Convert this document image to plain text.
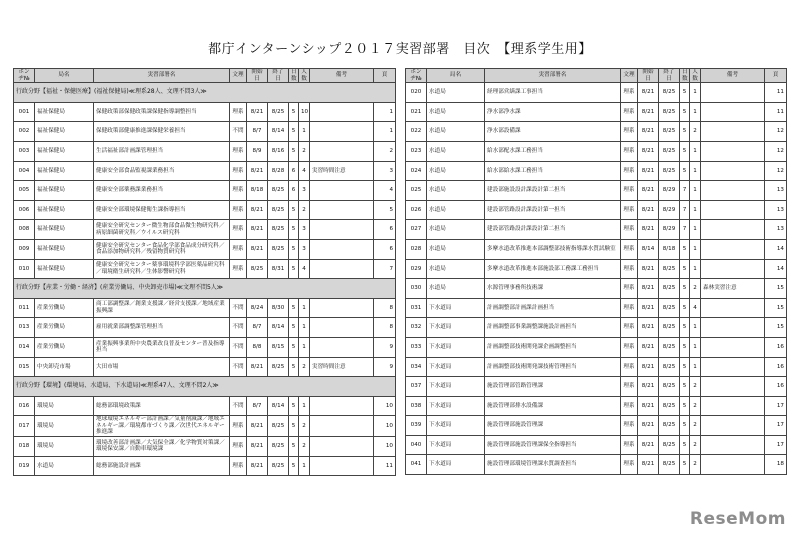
都庁インターンシップ２０１７実習部署　目次　【理系学生用】
ボンヂ№	局名	実習部署名	文理	開始日	終了日	日数	人数	備考	頁
行政分野【福祉・保健医療】(福祉保健局)≪理系28人、文理不問3人≫									
001	福祉保健局	保健政策部保健政策課保健指導調整担当	理系	8/21	8/25	5	10		1
002	福祉保健局	保健政策部健康推進課保健栄養担当	不問	8/7	8/14	5	1		1
003	福祉保健局	生活福祉部計画課管理担当	理系	8/9	8/16	5	2		2
004	福祉保健局	健康安全部食品監視課業務担当	理系	8/21	8/28	6	4	実習時間注意	3
005	福祉保健局	健康安全部薬務課業務担当	理系	8/18	8/25	6	3		4
006	福祉保健局	健康安全部環境保健衛生課指導担当	理系	8/21	8/25	5	2		5
008	福祉保健局	健康安全研究センター微生物部食品微生物研究科／病原細菌研究科／ウイルス研究科	理系	8/21	8/25	5	3		6
009	福祉保健局	健康安全研究センター食品化学部食品成分研究科／食品添加物研究科／残留物質研究科	理系	8/21	8/25	5	3		6
010	福祉保健局	健康安全研究センター薬事環境科学部医薬品研究科／環境衛生研究科／生体影響研究科	理系	8/25	8/31	5	4		7
行政分野【産業・労働・経済】(産業労働局、中央卸売市場)≪文理不問5人≫									
011	産業労働局	商工部調整課／創業支援課／経営支援課／地域産業振興課	不問	8/24	8/30	5	1		8
013	産業労働局	雇用就業部調整課管理担当	不問	8/7	8/14	5	1		8
014	産業労働局	産業振興事業所中央農業改良普及センター普及指導担当	不問	8/8	8/15	5	1		9
015	中央卸売市場	大田市場	不問	8/21	8/25	5	2	実習時間注意	9
行政分野【環境】(環境局、水道局、下水道局)≪理系47人、文理不問2人≫									
016	環境局	総務部環境政策課	不問	8/7	8/14	5	1		10
017	環境局	地球環境エネルギー部計画課／気量削減課／地域エネルギー課／環境都市づくり課／次世代エネルギー推進課	理系	8/21	8/25	5	2		10
018	環境局	環境改善部計画課／大気保全課／化学物質対策課／環境保安課／自動車環境課	理系	8/21	8/25	5	2		10
019	水道局	総務部施設計画課	理系	8/21	8/25	5	1		11
ボンヂ№	局名	実習部署名	文理	開始日	終了日	日数	人数	備考	頁
020	水道局	経理部営繕課工事担当	理系	8/21	8/25	5	1		11
021	水道局	浄水部浄水課	理系	8/21	8/25	5	1		11
022	水道局	浄水部設備課	理系	8/21	8/25	5	2		12
023	水道局	給水部配水課工務担当	理系	8/21	8/25	5	1		12
024	水道局	給水部給水課工務担当	理系	8/21	8/25	5	1		12
025	水道局	建設部施設設計課設計第二担当	理系	8/21	8/29	7	1		13
026	水道局	建設部管路設計課設計第一担当	理系	8/21	8/29	7	1		13
027	水道局	建設部管路設計課設計第二担当	理系	8/21	8/29	7	1		13
028	水道局	多摩水道改革推進本部調整部技術指導課水質試験室	理系	8/14	8/18	5	1		14
029	水道局	多摩水道改革推進本部施設部工務課工務担当	理系	8/21	8/25	5	1		14
030	水道局	水源管理事務所技術課	理系	8/21	8/25	5	2	森林実習注意	15
031	下水道局	計画調整部計画課計画担当	理系	8/21	8/25	5	4		15
032	下水道局	計画調整部事業調整課施設計画担当	理系	8/21	8/25	5	1		15
033	下水道局	計画調整部技術開発課企画調整担当	理系	8/21	8/25	5	1		16
034	下水道局	計画調整部技術開発課技術管理担当	理系	8/21	8/25	5	1		16
037	下水道局	施設管理部管路管理課	理系	8/21	8/25	5	2		16
038	下水道局	施設管理部排水設備課	理系	8/21	8/25	5	2		17
039	下水道局	施設管理部施設管理課	理系	8/21	8/25	5	2		17
040	下水道局	施設管理部施設管理課保全指導担当	理系	8/21	8/25	5	2		17
041	下水道局	施設管理部環境管理課水質調査担当	理系	8/21	8/25	5	2		18
ReseMom
